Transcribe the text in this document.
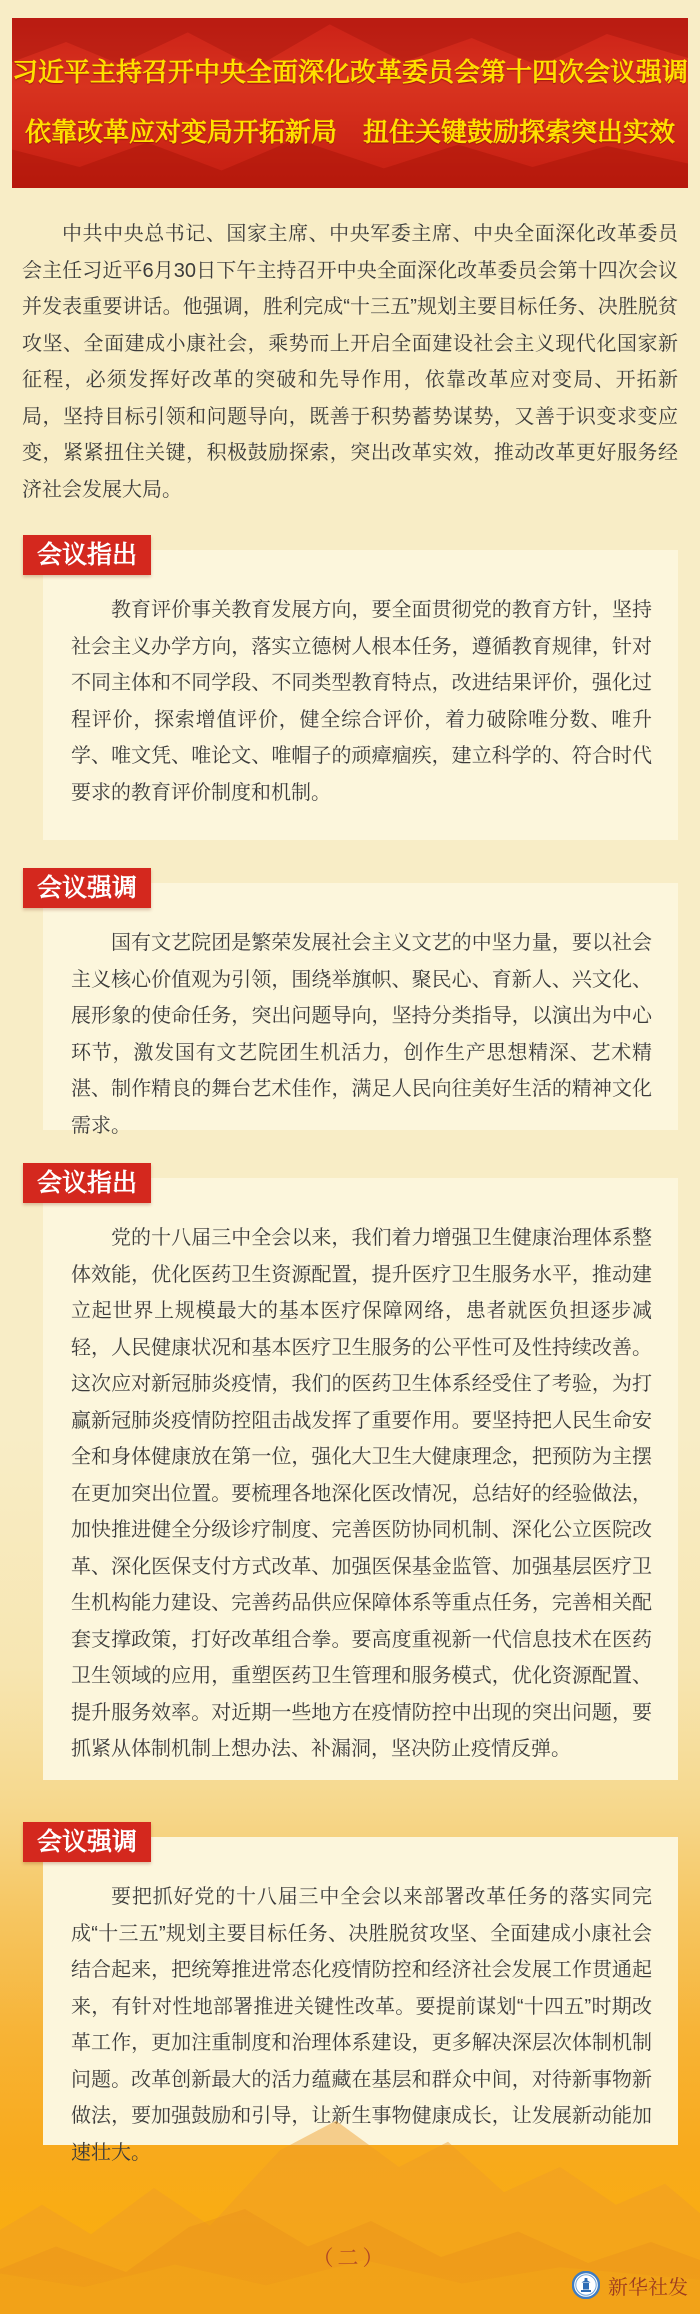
习近平主持召开中央全面深化改革委员会第十四次会议强调
依靠改革应对变局开拓新局　扭住关键鼓励探索突出实效
中共中央总书记、国家主席、中央军委主席、中央全面深化改革委员会主任习近平6月30日下午主持召开中央全面深化改革委员会第十四次会议并发表重要讲话。他强调，胜利完成“十三五”规划主要目标任务、决胜脱贫攻坚、全面建成小康社会，乘势而上开启全面建设社会主义现代化国家新征程，必须发挥好改革的突破和先导作用，依靠改革应对变局、开拓新局，坚持目标引领和问题导向，既善于积势蓄势谋势，又善于识变求变应变，紧紧扭住关键，积极鼓励探索，突出改革实效，推动改革更好服务经济社会发展大局。
教育评价事关教育发展方向，要全面贯彻党的教育方针，坚持社会主义办学方向，落实立德树人根本任务，遵循教育规律，针对不同主体和不同学段、不同类型教育特点，改进结果评价，强化过程评价，探索增值评价，健全综合评价，着力破除唯分数、唯升学、唯文凭、唯论文、唯帽子的顽瘴痼疾，建立科学的、符合时代要求的教育评价制度和机制。
会议指出
国有文艺院团是繁荣发展社会主义文艺的中坚力量，要以社会主义核心价值观为引领，围绕举旗帜、聚民心、育新人、兴文化、展形象的使命任务，突出问题导向，坚持分类指导，以演出为中心环节，激发国有文艺院团生机活力，创作生产思想精深、艺术精湛、制作精良的舞台艺术佳作，满足人民向往美好生活的精神文化需求。
会议强调
党的十八届三中全会以来，我们着力增强卫生健康治理体系整体效能，优化医药卫生资源配置，提升医疗卫生服务水平，推动建立起世界上规模最大的基本医疗保障网络，患者就医负担逐步减轻，人民健康状况和基本医疗卫生服务的公平性可及性持续改善。这次应对新冠肺炎疫情，我们的医药卫生体系经受住了考验，为打赢新冠肺炎疫情防控阻击战发挥了重要作用。要坚持把人民生命安全和身体健康放在第一位，强化大卫生大健康理念，把预防为主摆在更加突出位置。要梳理各地深化医改情况，总结好的经验做法，加快推进健全分级诊疗制度、完善医防协同机制、深化公立医院改革、深化医保支付方式改革、加强医保基金监管、加强基层医疗卫生机构能力建设、完善药品供应保障体系等重点任务，完善相关配套支撑政策，打好改革组合拳。要高度重视新一代信息技术在医药卫生领域的应用，重塑医药卫生管理和服务模式，优化资源配置、提升服务效率。对近期一些地方在疫情防控中出现的突出问题，要抓紧从体制机制上想办法、补漏洞，坚决防止疫情反弹。
会议指出
要把抓好党的十八届三中全会以来部署改革任务的落实同完成“十三五”规划主要目标任务、决胜脱贫攻坚、全面建成小康社会结合起来，把统筹推进常态化疫情防控和经济社会发展工作贯通起来，有针对性地部署推进关键性改革。要提前谋划“十四五”时期改革工作，更加注重制度和治理体系建设，更多解决深层次体制机制问题。改革创新最大的活力蕴藏在基层和群众中间，对待新事物新做法，要加强鼓励和引导，让新生事物健康成长，让发展新动能加速壮大。
会议强调
（二）
新华社发
